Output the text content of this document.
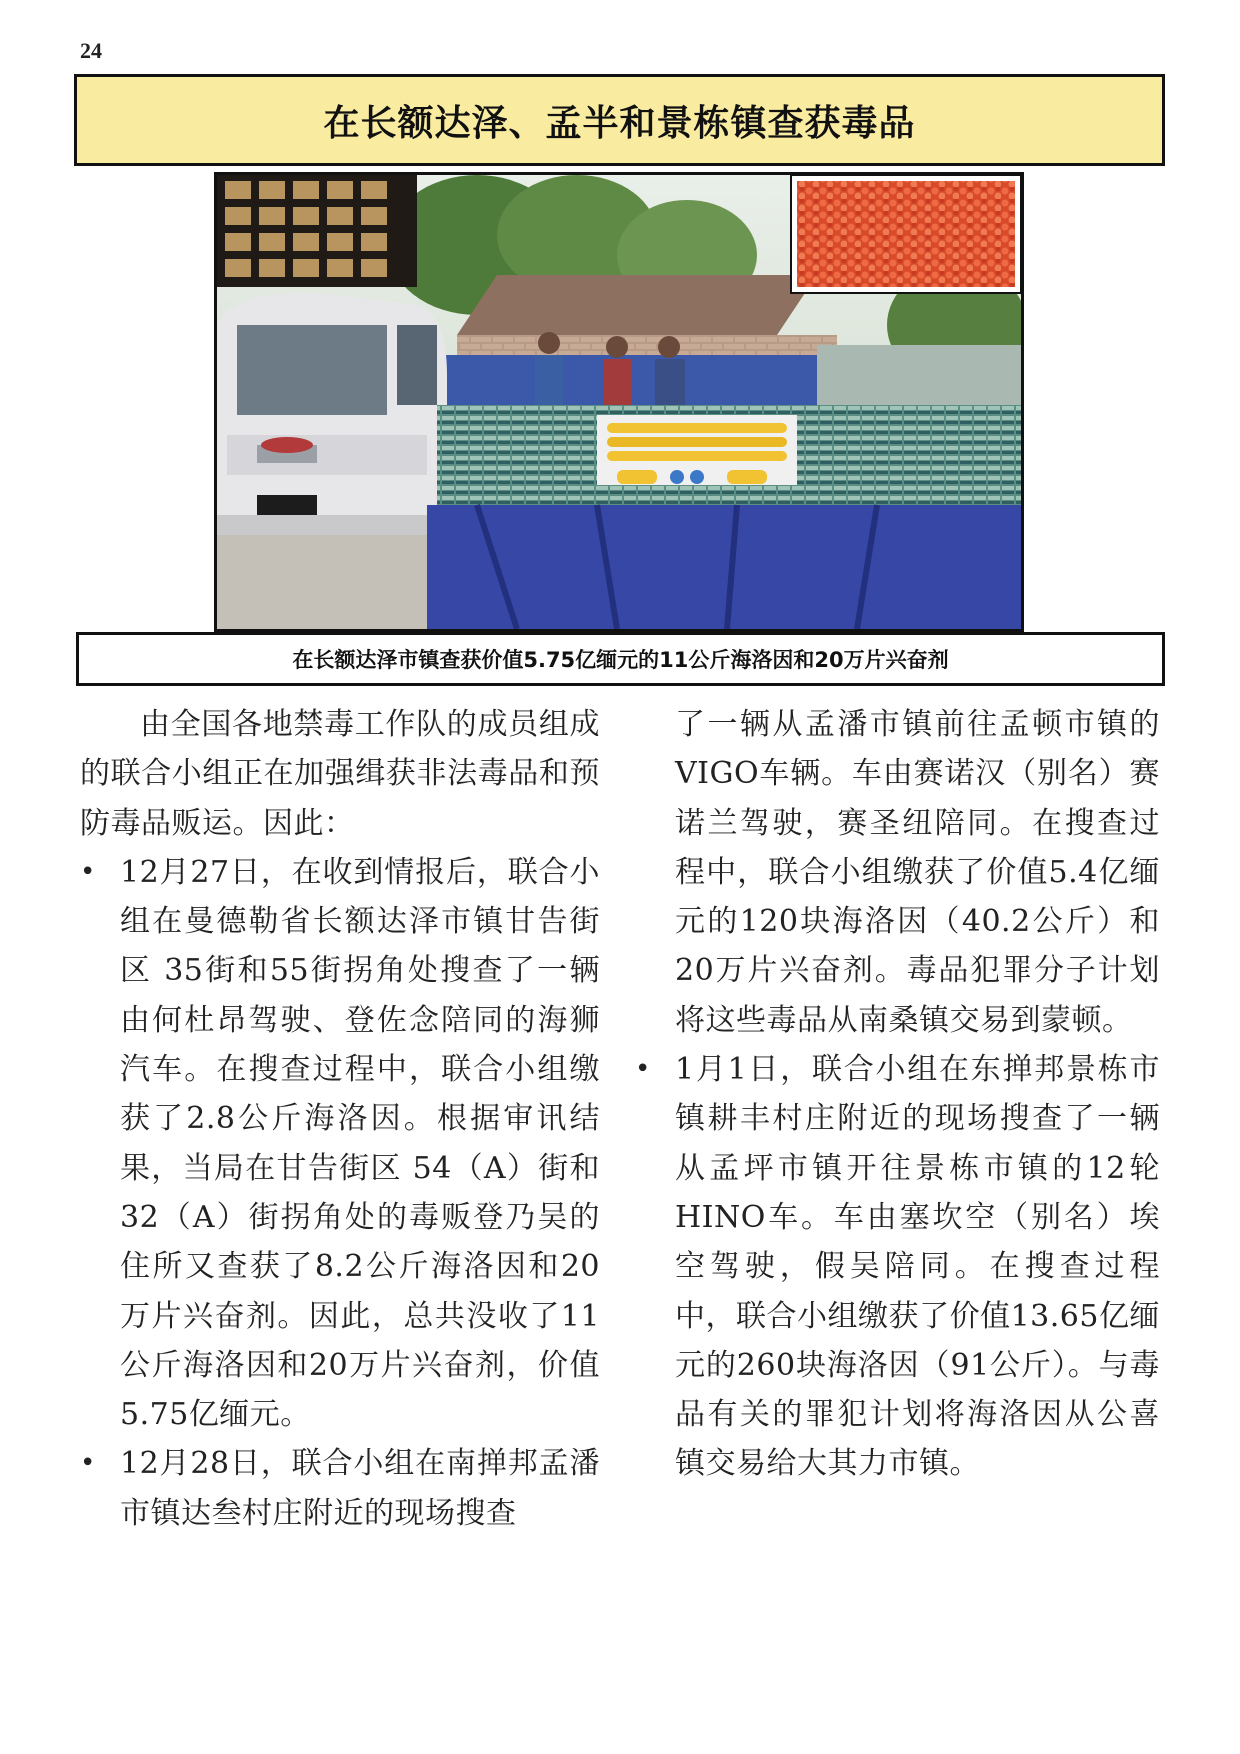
24
在长额达泽、孟半和景栋镇查获毒品
在长额达泽市镇查获价值5.75亿缅元的11公斤海洛因和20万片兴奋剂

由全国各地禁毒工作队的成员组成的联合小组正在加强缉获非法毒品和预防毒品贩运。因此：

• 12月27日，在收到情报后，联合小组在曼德勒省长额达泽市镇甘告街区 35街和55街拐角处搜查了一辆由何杜昂驾驶、登佐念陪同的海狮汽车。在搜查过程中，联合小组缴获了2.8公斤海洛因。根据审讯结果，当局在甘告街区 54（A）街和32（A）街拐角处的毒贩登乃吴的住所又查获了8.2公斤海洛因和20万片兴奋剂。因此，总共没收了11公斤海洛因和20万片兴奋剂，价值5.75亿缅元。
• 12月28日，联合小组在南掸邦孟潘市镇达叁村庄附近的现场搜查

了一辆从孟潘市镇前往孟顿市镇的VIGO车辆。车由赛诺汉（别名）赛诺兰驾驶，赛圣纽陪同。在搜查过程中，联合小组缴获了价值5.4亿缅元的120块海洛因（40.2公斤）和20万片兴奋剂。毒品犯罪分子计划将这些毒品从南桑镇交易到蒙顿。

• 1月1日，联合小组在东掸邦景栋市镇耕丰村庄附近的现场搜查了一辆从孟坪市镇开往景栋市镇的12轮HINO车。车由塞坎空（别名）埃空驾驶，假吴陪同。在搜查过程中，联合小组缴获了价值13.65亿缅元的260块海洛因（91公斤）。与毒品有关的罪犯计划将海洛因从公喜镇交易给大其力市镇。
